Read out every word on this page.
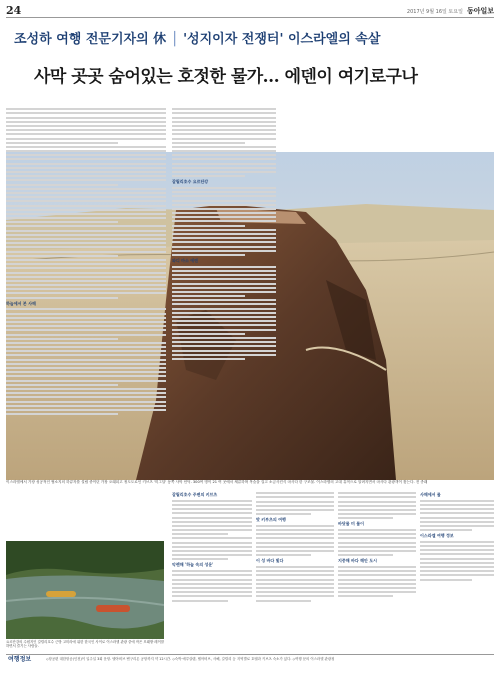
24	2017년 9월 16일 토요일 동아일보
조성하 여행 전문기자의 休 │ '성지이자 전쟁터' 이스라엘의 속살
사막 곳곳 숨어있는 호젓한 물가… 에덴이 여기로구나
이스라엘에서 가장 성공적인 협소지의 하류자를 설립 중이던 가장 오래되고 정도도로인 키브츠 '미그달' 동쪽 사막 언덕. 300여 명이 21 여 곳에서 체류하며 목숨을 걸고 소금사진식 마사다 한 구조물. 이스라엘의 고대 유적으로 알려지면서 마사다 관광객이 찾는다. 전 종래
하늘에서 본 사해
요르단강의 수원지인 갈릴리호수 근방 고미라에 위한 한국인 사이로 이스라엘 관광 중에 작은 모래밭 레이를 하면서 즐기는 사람들.
갈릴리호수 요르단강
와디 마소 에덴
갈릴리호수 주변의 키브츠
악렌해 '하늘 속의 성운'
맛 키부츠의 여행
이 성 바다 빛다
바닷물 미 물이
지중해 바다 해안 도시
사해에서 물
이스라엘 여행 정보
여행정보	◇항공편 대한항공(인천)이 일주일 3회 운항. 텔아비브 벤구리온 공항까지 약 12시간. ◇숙박 예루살렘, 텔아비브, 사해, 갈릴리 등 지역별로 호텔과 키브츠 숙소가 있다. ◇여행 문의 이스라엘 관광청
